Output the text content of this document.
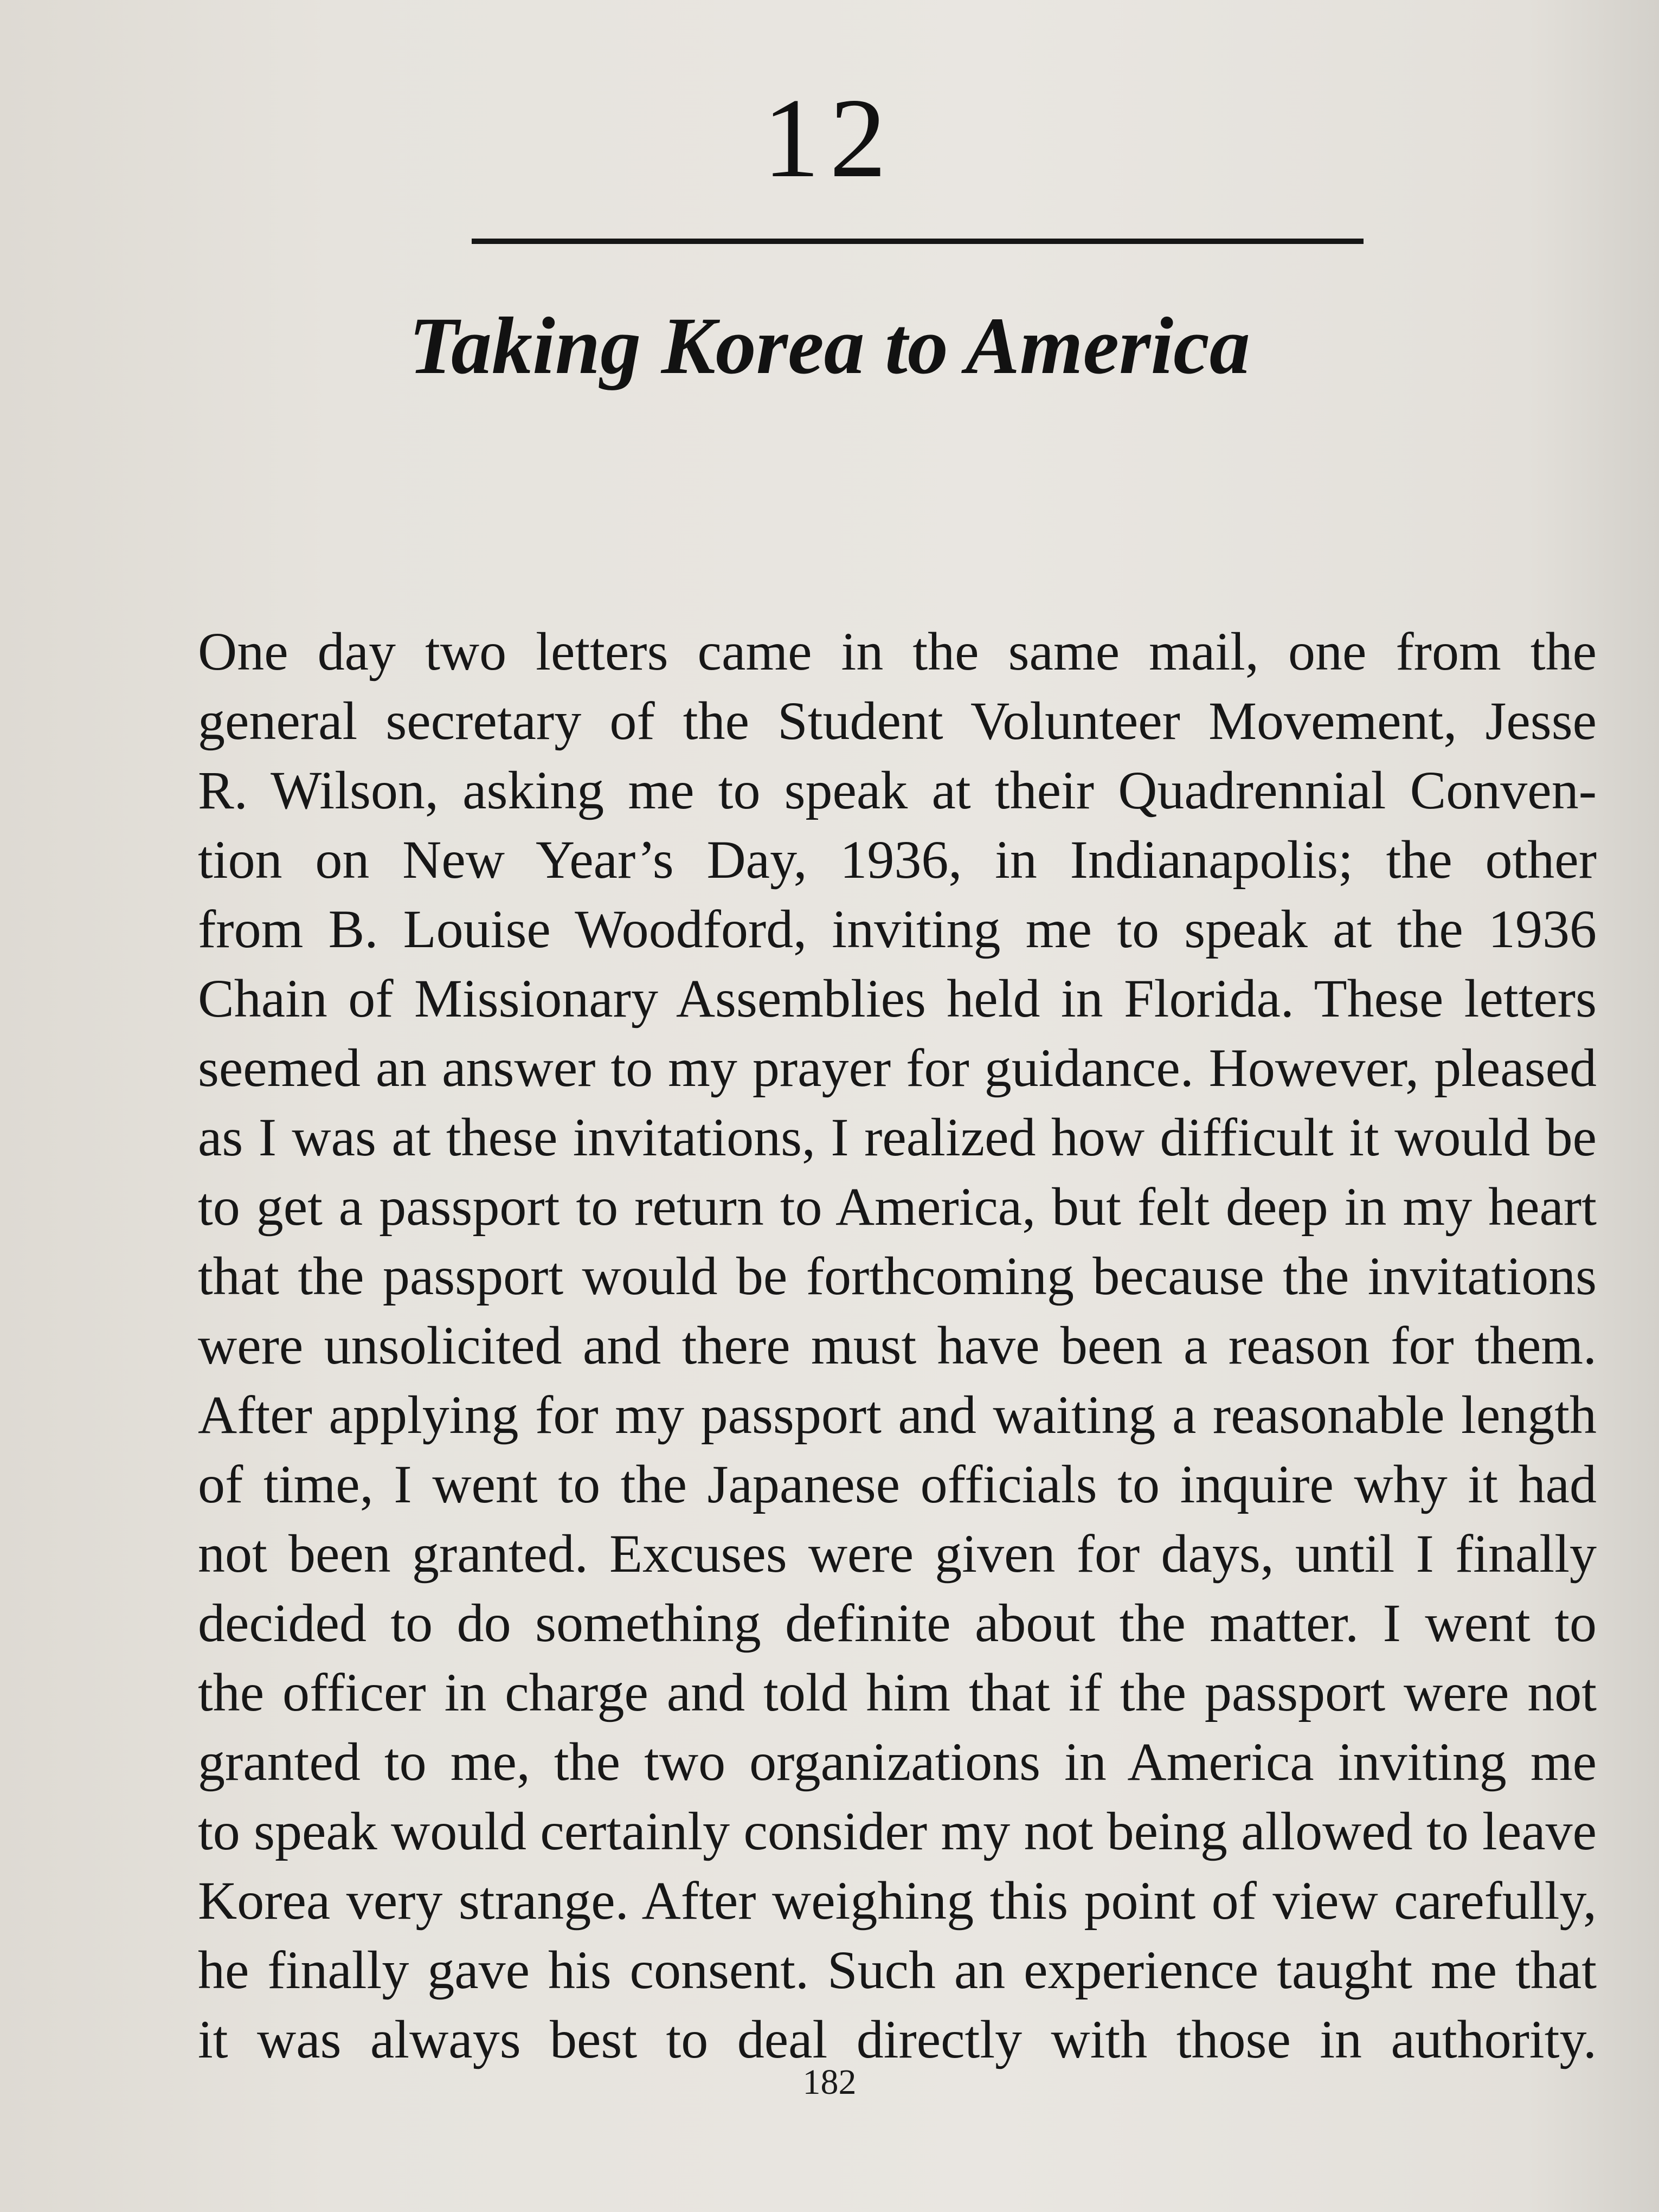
12
Taking Korea to America
One day two letters came in the same mail, one from the
general secretary of the Student Volunteer Movement, Jesse
R. Wilson, asking me to speak at their Quadrennial Conven-
tion on New Year’s Day, 1936, in Indianapolis; the other
from B. Louise Woodford, inviting me to speak at the 1936
Chain of Missionary Assemblies held in Florida. These letters
seemed an answer to my prayer for guidance. However, pleased
as I was at these invitations, I realized how difficult it would be
to get a passport to return to America, but felt deep in my heart
that the passport would be forthcoming because the invitations
were unsolicited and there must have been a reason for them.
After applying for my passport and waiting a reasonable length
of time, I went to the Japanese officials to inquire why it had
not been granted. Excuses were given for days, until I finally
decided to do something definite about the matter. I went to
the officer in charge and told him that if the passport were not
granted to me, the two organizations in America inviting me
to speak would certainly consider my not being allowed to leave
Korea very strange. After weighing this point of view carefully,
he finally gave his consent. Such an experience taught me that
it was always best to deal directly with those in authority.
182
